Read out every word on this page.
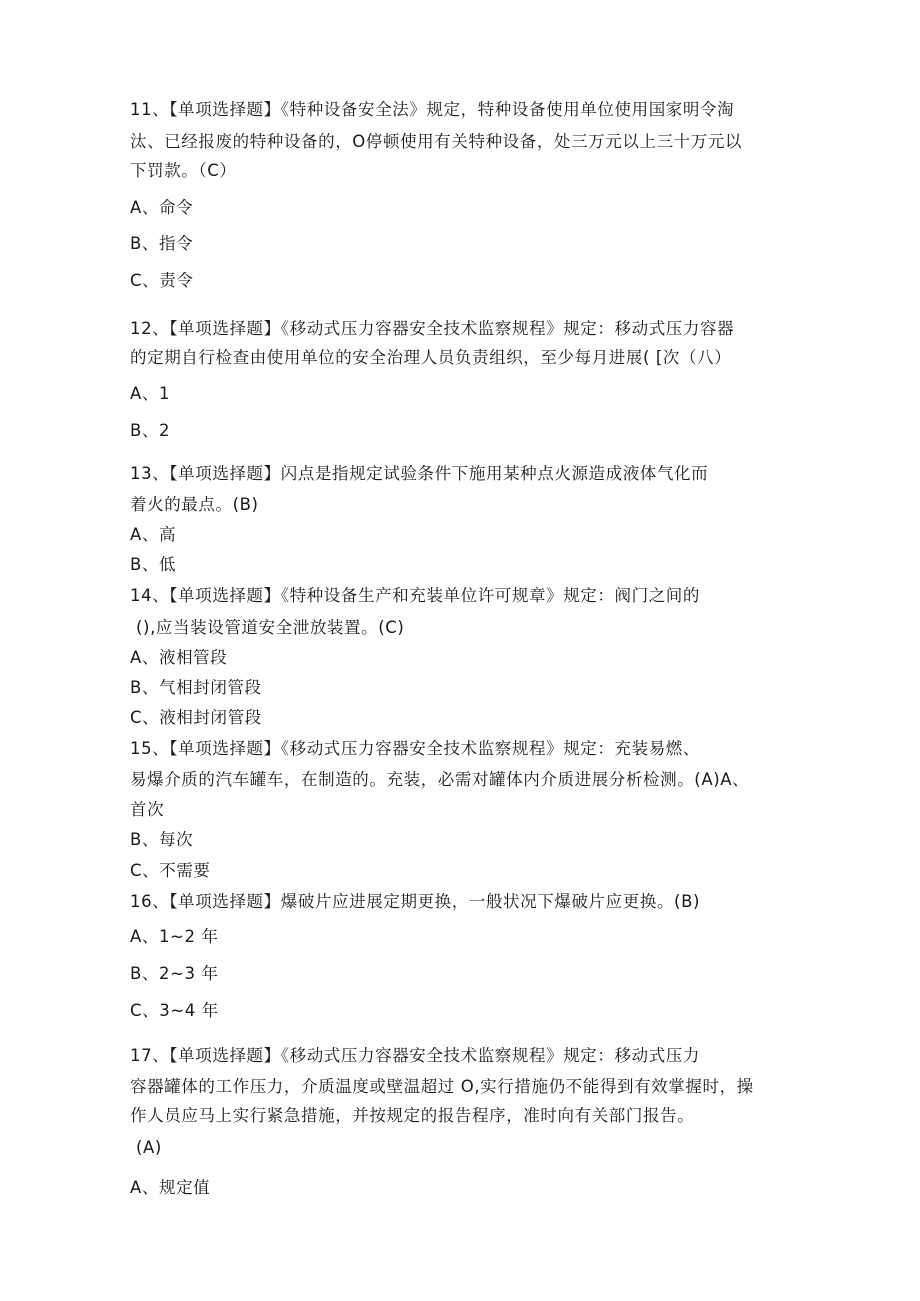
11、【单项选择题】《特种设备安全法》规定，特种设备使用单位使用国家明令淘
汰、已经报废的特种设备的，O停顿使用有关特种设备，处三万元以上三十万元以
下罚款。（C）
A、命令
B、指令
C、责令
12、【单项选择题】《移动式压力容器安全技术监察规程》规定：移动式压力容器
的定期自行检查由使用单位的安全治理人员负责组织，至少每月进展( [次（八）
A、1
B、2
13、【单项选择题】闪点是指规定试验条件下施用某种点火源造成液体气化而
着火的最点。(B)
A、高
B、低
14、【单项选择题】《特种设备生产和充装单位许可规章》规定：阀门之间的
(),应当装设管道安全泄放装置。(C)
A、液相管段
B、气相封闭管段
C、液相封闭管段
15、【单项选择题】《移动式压力容器安全技术监察规程》规定：充装易燃、
易爆介质的汽车罐车，在制造的。充装，必需对罐体内介质进展分析检测。(A)A、
首次
B、每次
C、不需要
16、【单项选择题】爆破片应进展定期更换，一般状况下爆破片应更换。(B)
A、1~2 年
B、2~3 年
C、3~4 年
17、【单项选择题】《移动式压力容器安全技术监察规程》规定：移动式压力
容器罐体的工作压力，介质温度或壁温超过 O,实行措施仍不能得到有效掌握时，操
作人员应马上实行紧急措施，并按规定的报告程序，准时向有关部门报告。
(A)
A、规定值
